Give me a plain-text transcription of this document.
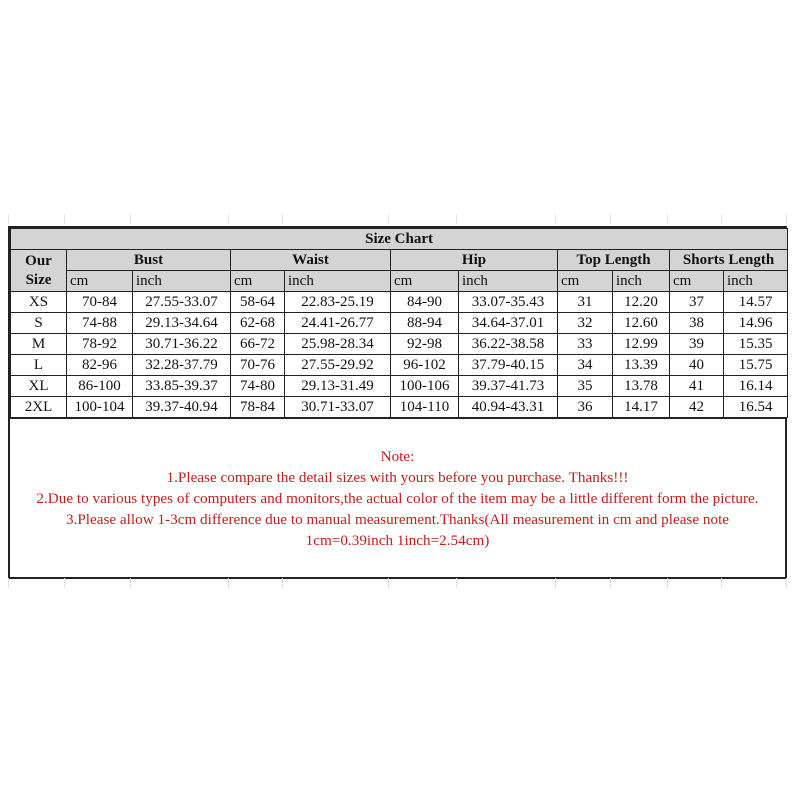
Size Chart										

Our
Size	Bust		Waist		Hip		Top Length		Shorts Length	
	cm	inch	cm	inch	cm	inch	cm	inch	cm	inch
XS	70-84	27.55-33.07	58-64	22.83-25.19	84-90	33.07-35.43	31	12.20	37	14.57
S	74-88	29.13-34.64	62-68	24.41-26.77	88-94	34.64-37.01	32	12.60	38	14.96
M	78-92	30.71-36.22	66-72	25.98-28.34	92-98	36.22-38.58	33	12.99	39	15.35
L	82-96	32.28-37.79	70-76	27.55-29.92	96-102	37.79-40.15	34	13.39	40	15.75
XL	86-100	33.85-39.37	74-80	29.13-31.49	100-106	39.37-41.73	35	13.78	41	16.14
2XL	100-104	39.37-40.94	78-84	30.71-33.07	104-110	40.94-43.31	36	14.17	42	16.54
Note:
1.Please compare the detail sizes with yours before you purchase. Thanks!!!
2.Due to various types of computers and monitors,the actual color of the item may be a little different form the picture.
3.Please allow 1-3cm difference due to manual measurement.Thanks(All measurement in cm and please note
1cm=0.39inch 1inch=2.54cm)
